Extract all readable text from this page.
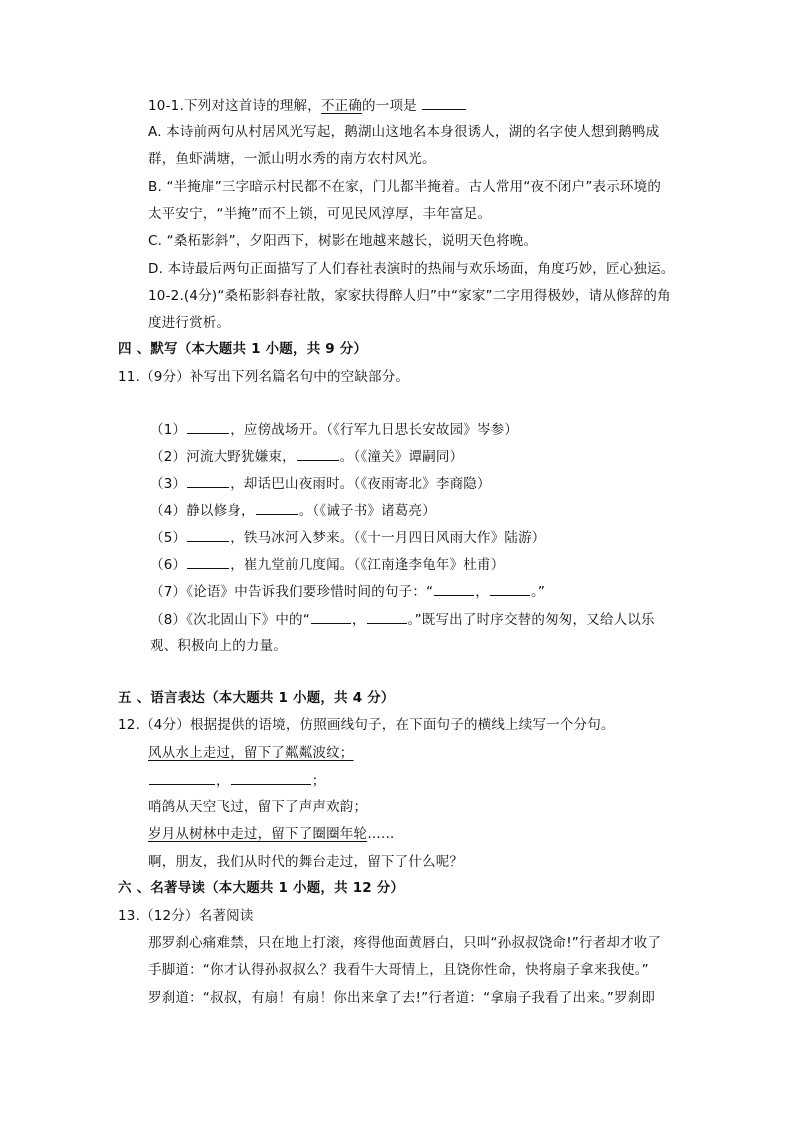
10-1.下列对这首诗的理解，不正确的一项是
A. 本诗前两句从村居风光写起，鹅湖山这地名本身很诱人，湖的名字使人想到鹅鸭成
群，鱼虾满塘，一派山明水秀的南方农村风光。
B. “半掩扉”三字暗示村民都不在家，门儿都半掩着。古人常用“夜不闭户”表示环境的
太平安宁，“半掩”而不上锁，可见民风淳厚，丰年富足。
C. “桑柘影斜”，夕阳西下，树影在地越来越长，说明天色将晚。
D. 本诗最后两句正面描写了人们春社表演时的热闹与欢乐场面，角度巧妙，匠心独运。
10-2.(4分)“桑柘影斜春社散，家家扶得醉人归”中“家家”二字用得极妙，请从修辞的角
度进行赏析。
四 、默写（本大题共 1 小题，共 9 分）
11.（9分）补写出下列名篇名句中的空缺部分。
（1）	，应傍战场开。（《行军九日思长安故园》岑参）
（2）河流大野犹嫌束，	。（《潼关》谭嗣同）
（3）	，却话巴山夜雨时。（《夜雨寄北》李商隐）
（4）静以修身，	。（《诫子书》诸葛亮）
（5）	，铁马冰河入梦来。（《十一月四日风雨大作》陆游）
（6）	，崔九堂前几度闻。（《江南逢李龟年》杜甫）
（7）《论语》中告诉我们要珍惜时间的句子：“	，	。”
（8）《次北固山下》中的“	，	。”既写出了时序交替的匆匆，又给人以乐
观、积极向上的力量。
五 、语言表达（本大题共 1 小题，共 4 分）
12.（4分）根据提供的语境，仿照画线句子，在下面句子的横线上续写一个分句。
风从水上走过，留下了粼粼波纹；
，	；
哨鸽从天空飞过，留下了声声欢韵；
岁月从树林中走过，留下了圈圈年轮……
啊，朋友，我们从时代的舞台走过，留下了什么呢？
六 、名著导读（本大题共 1 小题，共 12 分）
13.（12分）名著阅读
那罗刹心痛难禁，只在地上打滚，疼得他面黄唇白，只叫“孙叔叔饶命!”行者却才收了
手脚道：“你才认得孙叔叔么？我看牛大哥情上，且饶你性命，快将扇子拿来我使。”
罗刹道：“叔叔，有扇！有扇！你出来拿了去!”行者道：“拿扇子我看了出来。”罗刹即
